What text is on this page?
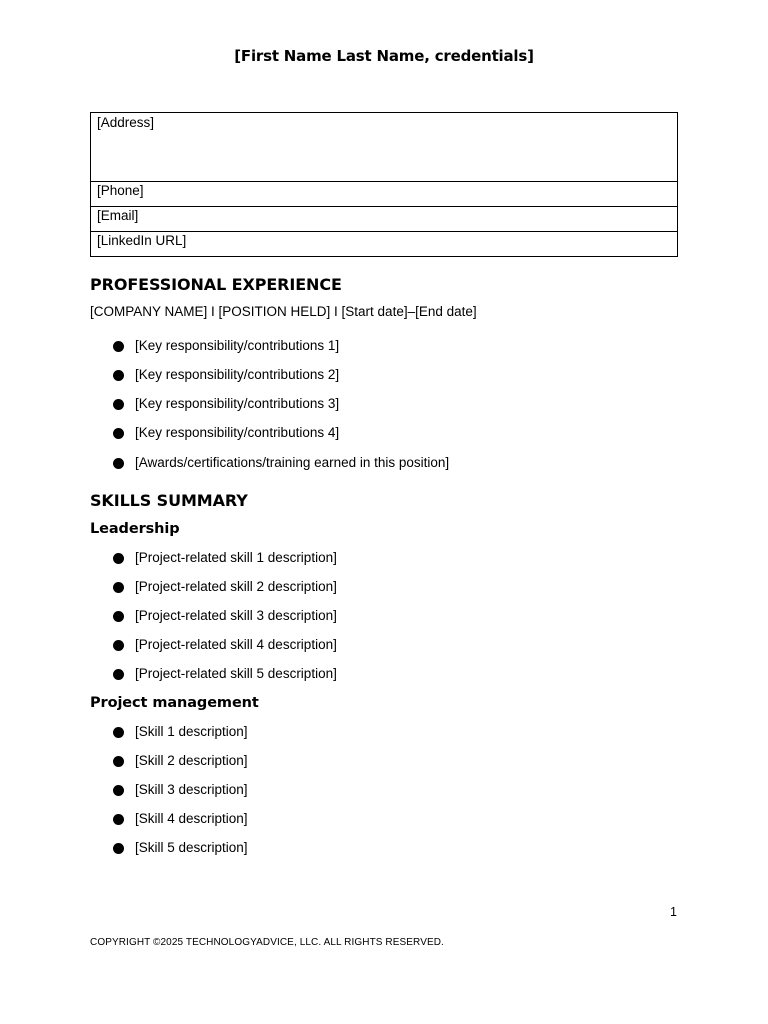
[First Name Last Name, credentials]
[Address]
[Phone]
[Email]
[LinkedIn URL]
PROFESSIONAL EXPERIENCE
[COMPANY NAME] I [POSITION HELD] I [Start date]–[End date]
[Key responsibility/contributions 1]
[Key responsibility/contributions 2]
[Key responsibility/contributions 3]
[Key responsibility/contributions 4]
[Awards/certifications/training earned in this position]
SKILLS SUMMARY
Leadership
[Project-related skill 1 description]
[Project-related skill 2 description]
[Project-related skill 3 description]
[Project-related skill 4 description]
[Project-related skill 5 description]
Project management
[Skill 1 description]
[Skill 2 description]
[Skill 3 description]
[Skill 4 description]
[Skill 5 description]
1
COPYRIGHT ©2025 TECHNOLOGYADVICE, LLC. ALL RIGHTS RESERVED.
